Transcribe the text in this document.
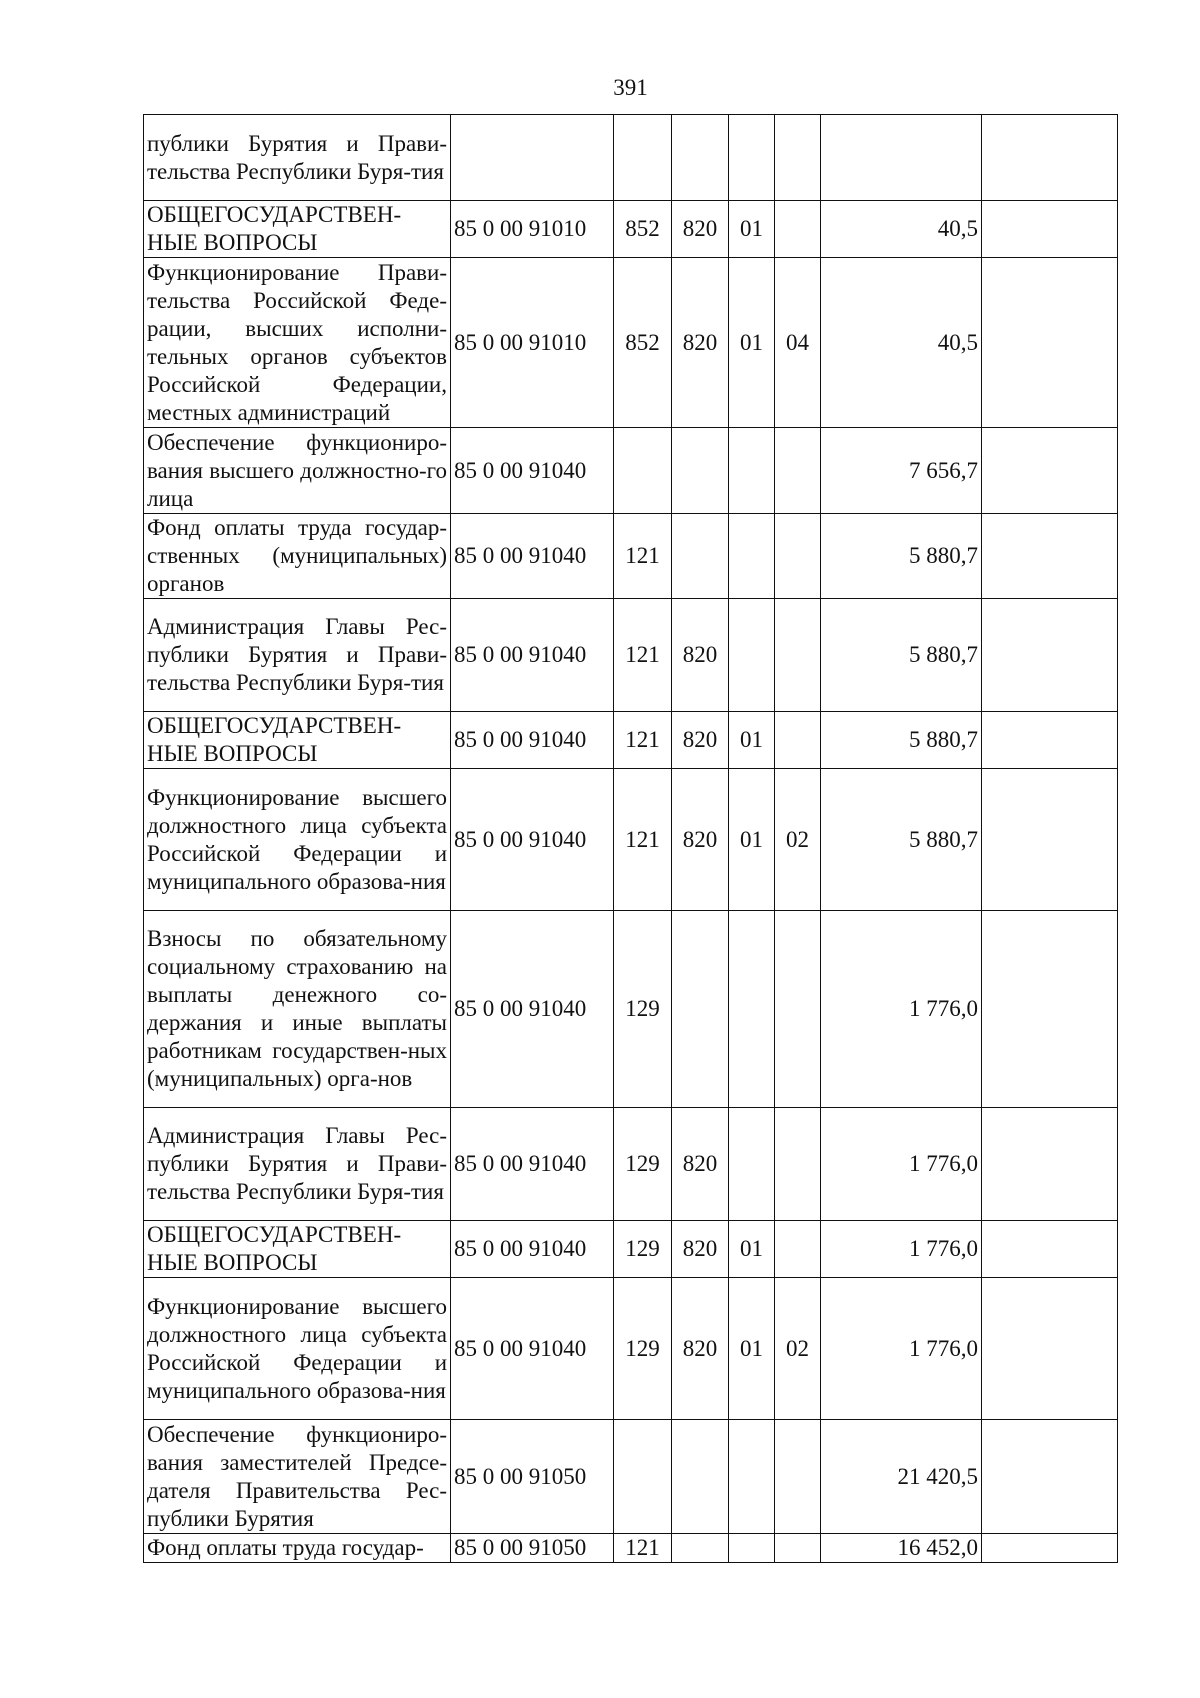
391
публики Бурятия и Прави-тельства Республики Буря-тия							
ОБЩЕГОСУДАРСТВЕН-НЫЕ ВОПРОСЫ	85 0 00 91010	852	820	01		40,5	
Функционирование Прави-тельства Российской Феде-рации, высших исполни-тельных органов субъектов Российской Федерации, местных администраций	85 0 00 91010	852	820	01	04	40,5	
Обеспечение функциониро-вания высшего должностно-го лица	85 0 00 91040					7 656,7	
Фонд оплаты труда государ-ственных (муниципальных) органов	85 0 00 91040	121				5 880,7	
Администрация Главы Рес-публики Бурятия и Прави-тельства Республики Буря-тия	85 0 00 91040	121	820			5 880,7	
ОБЩЕГОСУДАРСТВЕН-НЫЕ ВОПРОСЫ	85 0 00 91040	121	820	01		5 880,7	
Функционирование высшего должностного лица субъекта Российской Федерации и муниципального образова-ния	85 0 00 91040	121	820	01	02	5 880,7	
Взносы по обязательному социальному страхованию на выплаты денежного со-держания и иные выплаты работникам государствен-ных (муниципальных) орга-нов	85 0 00 91040	129				1 776,0	
Администрация Главы Рес-публики Бурятия и Прави-тельства Республики Буря-тия	85 0 00 91040	129	820			1 776,0	
ОБЩЕГОСУДАРСТВЕН-НЫЕ ВОПРОСЫ	85 0 00 91040	129	820	01		1 776,0	
Функционирование высшего должностного лица субъекта Российской Федерации и муниципального образова-ния	85 0 00 91040	129	820	01	02	1 776,0	
Обеспечение функциониро-вания заместителей Предсе-дателя Правительства Рес-публики Бурятия	85 0 00 91050					21 420,5	
Фонд оплаты труда государ-	85 0 00 91050	121				16 452,0	
